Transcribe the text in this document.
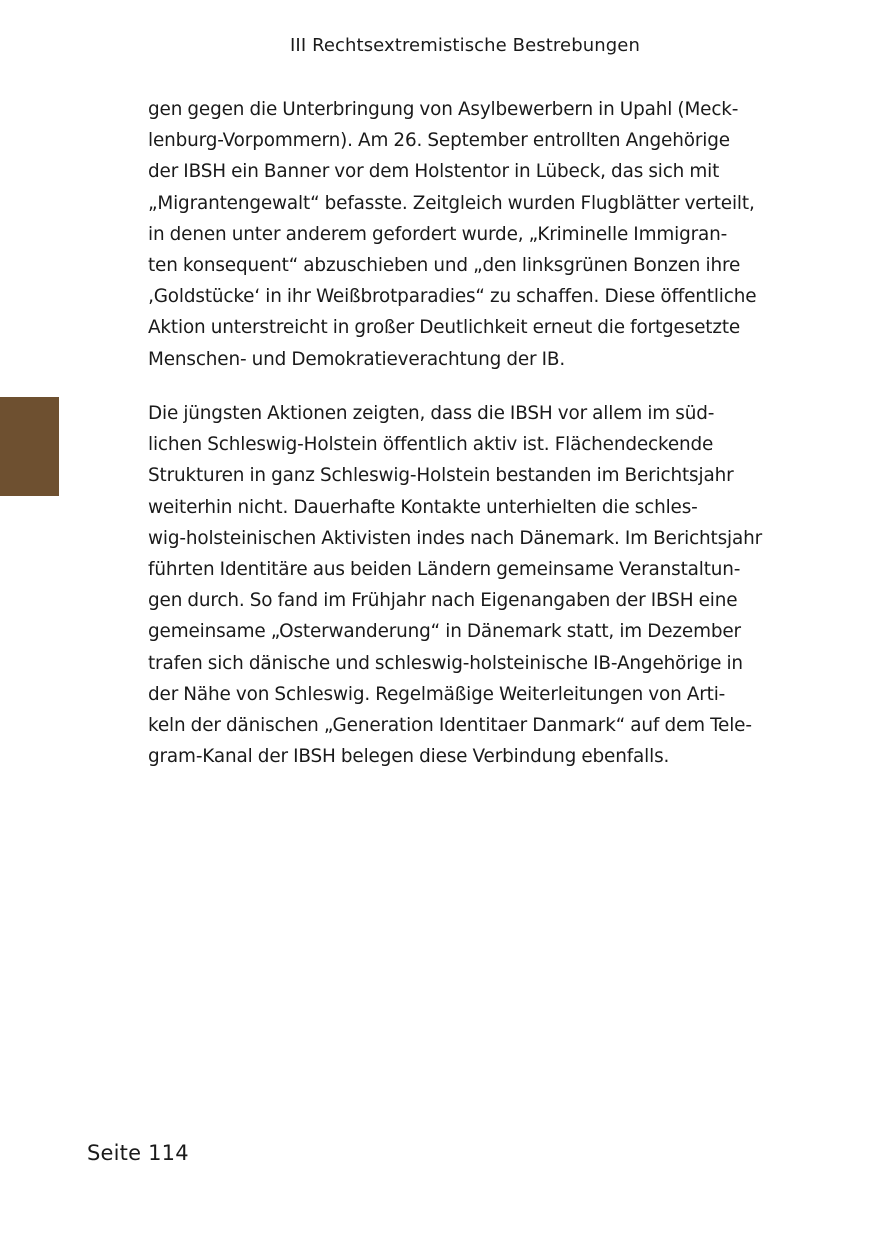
III Rechtsextremistische Bestrebungen

gen gegen die Unterbringung von Asylbewerbern in Upahl (Meck-
lenburg-Vorpommern). Am 26. September entrollten Angehörige
der IBSH ein Banner vor dem Holstentor in Lübeck, das sich mit
„Migrantengewalt“ befasste. Zeitgleich wurden Flugblätter verteilt,
in denen unter anderem gefordert wurde, „Kriminelle Immigran-
ten konsequent“ abzuschieben und „den linksgrünen Bonzen ihre
‚Goldstücke‘ in ihr Weißbrotparadies“ zu schaffen. Diese öffentliche
Aktion unterstreicht in großer Deutlichkeit erneut die fortgesetzte
Menschen- und Demokratieverachtung der IB.

Die jüngsten Aktionen zeigten, dass die IBSH vor allem im süd-
lichen Schleswig-Holstein öffentlich aktiv ist. Flächendeckende
Strukturen in ganz Schleswig-Holstein bestanden im Berichtsjahr
weiterhin nicht. Dauerhafte Kontakte unterhielten die schles-
wig-holsteinischen Aktivisten indes nach Dänemark. Im Berichtsjahr
führten Identitäre aus beiden Ländern gemeinsame Veranstaltun-
gen durch. So fand im Frühjahr nach Eigenangaben der IBSH eine
gemeinsame „Osterwanderung“ in Dänemark statt, im Dezember
trafen sich dänische und schleswig-holsteinische IB-Angehörige in
der Nähe von Schleswig. Regelmäßige Weiterleitungen von Arti-
keln der dänischen „Generation Identitaer Danmark“ auf dem Tele-
gram-Kanal der IBSH belegen diese Verbindung ebenfalls.

Seite 114
